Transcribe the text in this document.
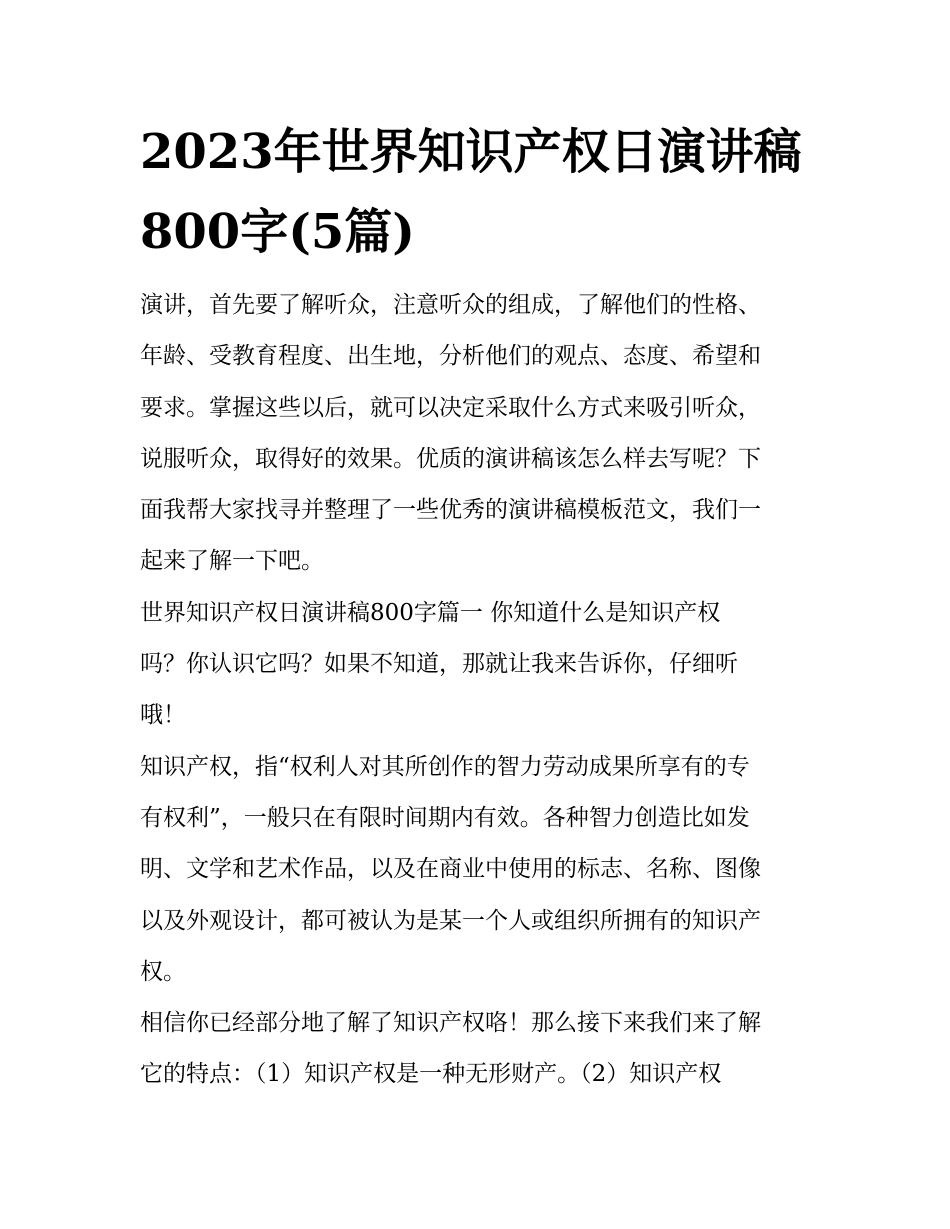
2023年世界知识产权日演讲稿
800字(5篇)
演讲，首先要了解听众，注意听众的组成，了解他们的性格、
年龄、受教育程度、出生地，分析他们的观点、态度、希望和
要求。掌握这些以后，就可以决定采取什么方式来吸引听众，
说服听众，取得好的效果。优质的演讲稿该怎么样去写呢？下
面我帮大家找寻并整理了一些优秀的演讲稿模板范文，我们一
起来了解一下吧。
世界知识产权日演讲稿800字篇一 你知道什么是知识产权
吗？你认识它吗？如果不知道，那就让我来告诉你，仔细听
哦！
知识产权，指“权利人对其所创作的智力劳动成果所享有的专
有权利”，一般只在有限时间期内有效。各种智力创造比如发
明、文学和艺术作品，以及在商业中使用的标志、名称、图像
以及外观设计，都可被认为是某一个人或组织所拥有的知识产
权。
相信你已经部分地了解了知识产权咯！那么接下来我们来了解
它的特点：（1）知识产权是一种无形财产。（2）知识产权
